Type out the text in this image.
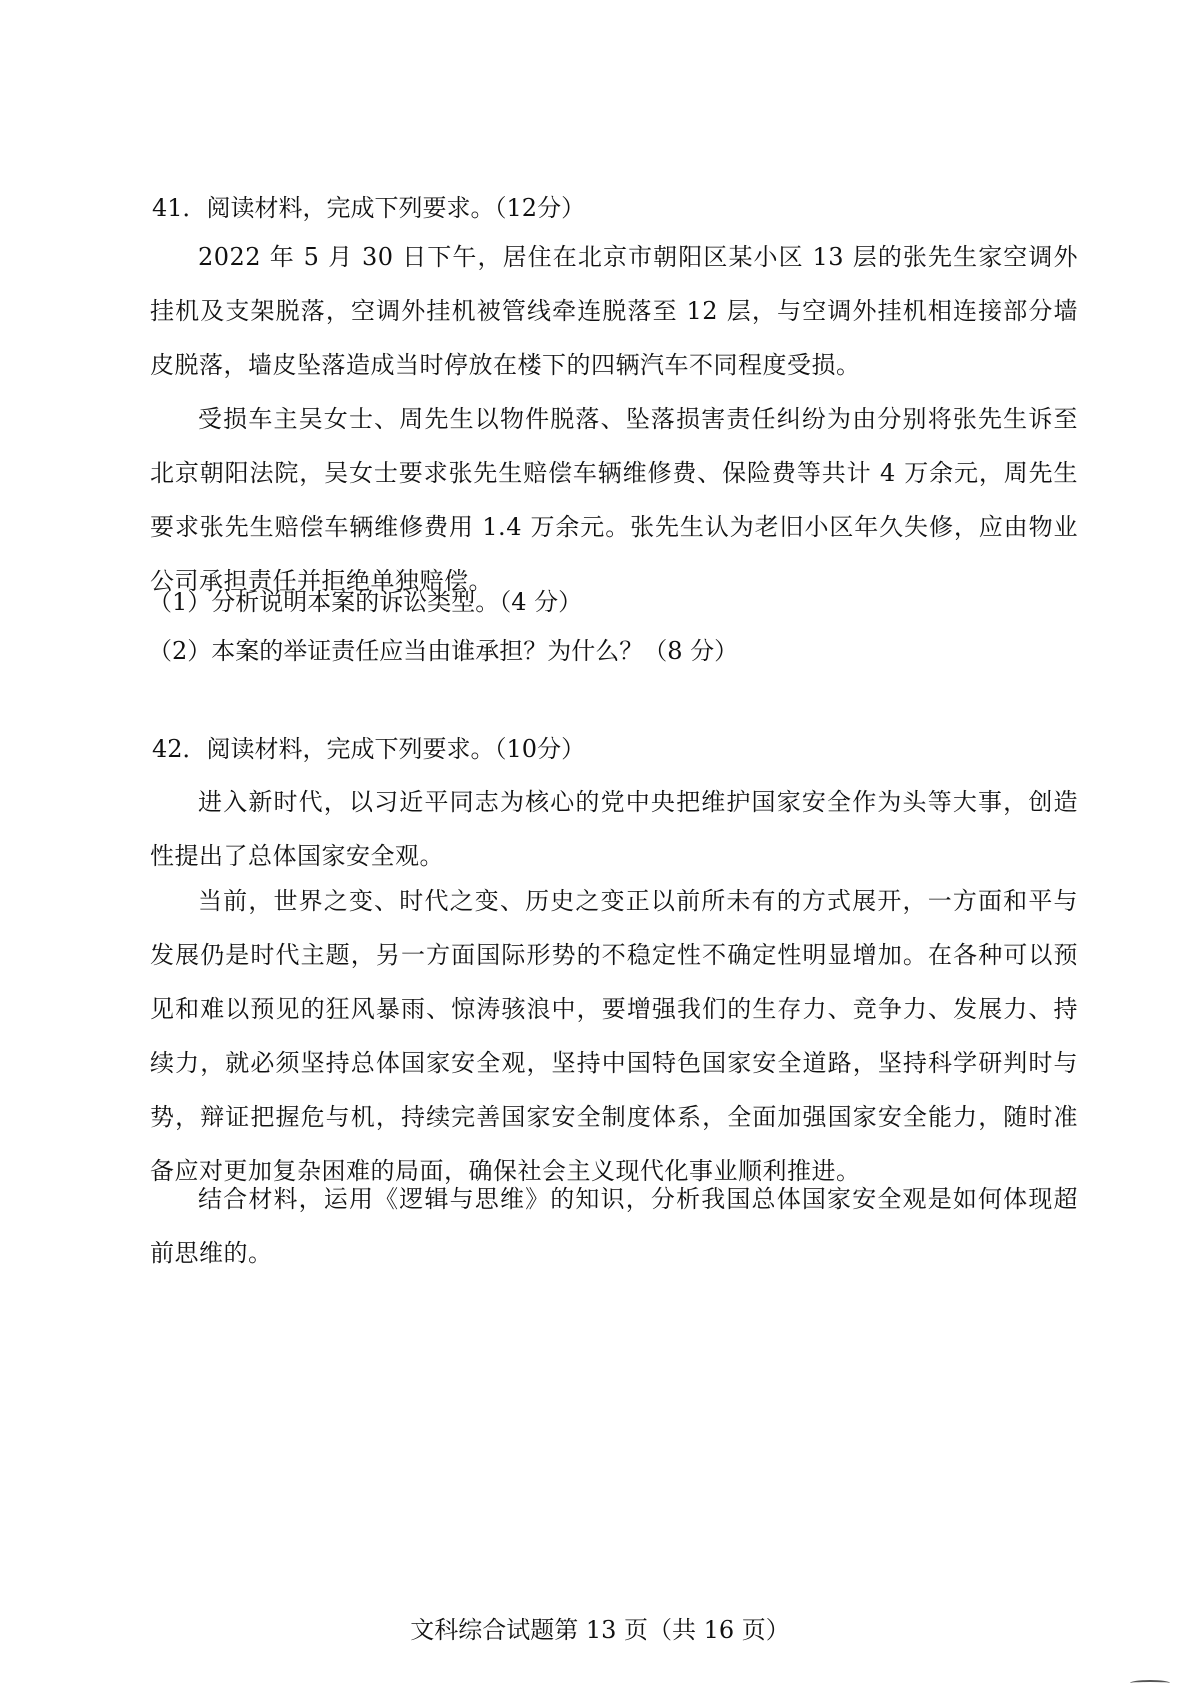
41．阅读材料，完成下列要求。（12分）

2022 年 5 月 30 日下午，居住在北京市朝阳区某小区 13 层的张先生家空调外挂机及支架脱落，空调外挂机被管线牵连脱落至 12 层，与空调外挂机相连接部分墙皮脱落，墙皮坠落造成当时停放在楼下的四辆汽车不同程度受损。

受损车主吴女士、周先生以物件脱落、坠落损害责任纠纷为由分别将张先生诉至北京朝阳法院，吴女士要求张先生赔偿车辆维修费、保险费等共计 4 万余元，周先生要求张先生赔偿车辆维修费用 1.4 万余元。张先生认为老旧小区年久失修，应由物业公司承担责任并拒绝单独赔偿。

（1）分析说明本案的诉讼类型。（4 分）

（2）本案的举证责任应当由谁承担？为什么？（8 分）

42．阅读材料，完成下列要求。（10分）

进入新时代，以习近平同志为核心的党中央把维护国家安全作为头等大事，创造性提出了总体国家安全观。

当前，世界之变、时代之变、历史之变正以前所未有的方式展开，一方面和平与发展仍是时代主题，另一方面国际形势的不稳定性不确定性明显增加。在各种可以预见和难以预见的狂风暴雨、惊涛骇浪中，要增强我们的生存力、竞争力、发展力、持续力，就必须坚持总体国家安全观，坚持中国特色国家安全道路，坚持科学研判时与势，辩证把握危与机，持续完善国家安全制度体系，全面加强国家安全能力，随时准备应对更加复杂困难的局面，确保社会主义现代化事业顺利推进。

结合材料，运用《逻辑与思维》的知识，分析我国总体国家安全观是如何体现超前思维的。

文科综合试题第 13 页（共 16 页）
